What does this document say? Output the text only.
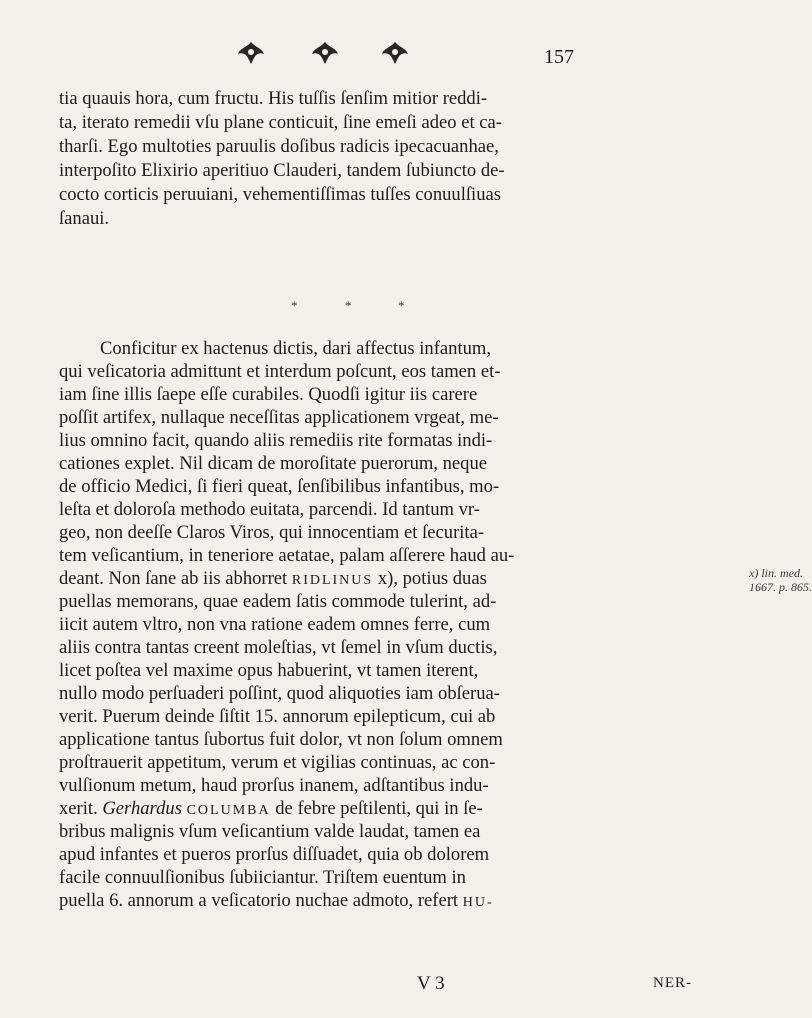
157
tia quauis hora, cum fructu. His tuſſis ſenſim mitior reddi-
ta, iterato remedii vſu plane conticuit, ſine emeſi adeo et ca-
tharſi. Ego multoties paruulis doſibus radicis ipecacuanhae,
interpoſito Elixirio aperitiuo Clauderi, tandem ſubiuncto de-
cocto corticis peruuiani, vehementiſſimas tuſſes conuulſiuas
ſanaui.
*	*	*
Conficitur ex hactenus dictis, dari affectus infantum,
qui veſicatoria admittunt et interdum poſcunt, eos tamen et-
iam ſine illis ſaepe eſſe curabiles. Quodſi igitur iis carere
poſſit artifex, nullaque neceſſitas applicationem vrgeat, me-
lius omnino facit, quando aliis remediis rite formatas indi-
cationes explet. Nil dicam de moroſitate puerorum, neque
de officio Medici, ſi fieri queat, ſenſibilibus infantibus, mo-
leſta et doloroſa methodo euitata, parcendi. Id tantum vr-
geo, non deeſſe Claros Viros, qui innocentiam et ſecurita-
tem veſicantium, in teneriore aetatae, palam aſſerere haud au-
deant. Non ſane ab iis abhorret RIDLINUS x), potius duas
puellas memorans, quae eadem ſatis commode tulerint, ad-
iicit autem vltro, non vna ratione eadem omnes ferre, cum
aliis contra tantas creent moleſtias, vt ſemel in vſum ductis,
licet poſtea vel maxime opus habuerint, vt tamen iterent,
nullo modo perſuaderi poſſint, quod aliquoties iam obſerua-
verit. Puerum deinde ſiſtit 15. annorum epilepticum, cui ab
applicatione tantus ſubortus fuit dolor, vt non ſolum omnem
proſtrauerit appetitum, verum et vigilias continuas, ac con-
vulſionum metum, haud prorſus inanem, adſtantibus indu-
xerit. Gerhardus COLUMBA de febre peſtilenti, qui in ſe-
bribus malignis vſum veſicantium valde laudat, tamen ea
apud infantes et pueros prorſus diſſuadet, quia ob dolorem
facile connuulſionibus ſubiiciantur. Triſtem euentum in
puella 6. annorum a veſicatorio nuchae admoto, refert HU-
x) lin. med.
1667. p. 865.
V 3	NER-
